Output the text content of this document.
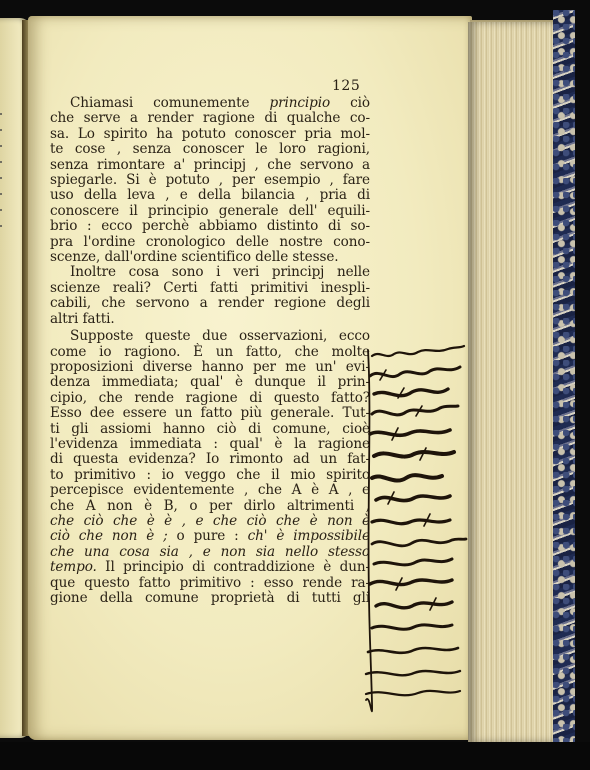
125
Chiamasi comunemente principio ciò
che serve a render ragione di qualche co-
sa. Lo spirito ha potuto conoscer pria mol-
te cose , senza conoscer le loro ragioni,
senza rimontare a' principj , che servono a
spiegarle. Si è potuto , per esempio , fare
uso della leva , e della bilancia , pria di
conoscere il principio generale dell' equili-
brio : ecco perchè abbiamo distinto di so-
pra l'ordine cronologico delle nostre cono-
scenze, dall'ordine scientifico delle stesse.
Inoltre cosa sono i veri principj nelle
scienze reali? Certi fatti primitivi inespli-
cabili, che servono a render regione degli
altri fatti.
Supposte queste due osservazioni, ecco
come io ragiono. È un fatto, che molte
proposizioni diverse hanno per me un' evi-
denza immediata; qual' è dunque il prin-
cipio, che rende ragione di questo fatto?
Esso dee essere un fatto più generale. Tut-
ti gli assiomi hanno ciò di comune, cioè
l'evidenza immediata : qual' è la ragione
di questa evidenza? Io rimonto ad un fat-
to primitivo : io veggo che il mio spirito
percepisce evidentemente , che A è A , e
che A non è B, o per dirlo altrimenti ,
che ciò che è è , e che ciò che è non è
ciò che non è ; o pure : ch' è impossibile
che una cosa sia , e non sia nello stesso
tempo. Il principio di contraddizione è dun-
que questo fatto primitivo : esso rende ra-
gione della comune proprietà di tutti gli
